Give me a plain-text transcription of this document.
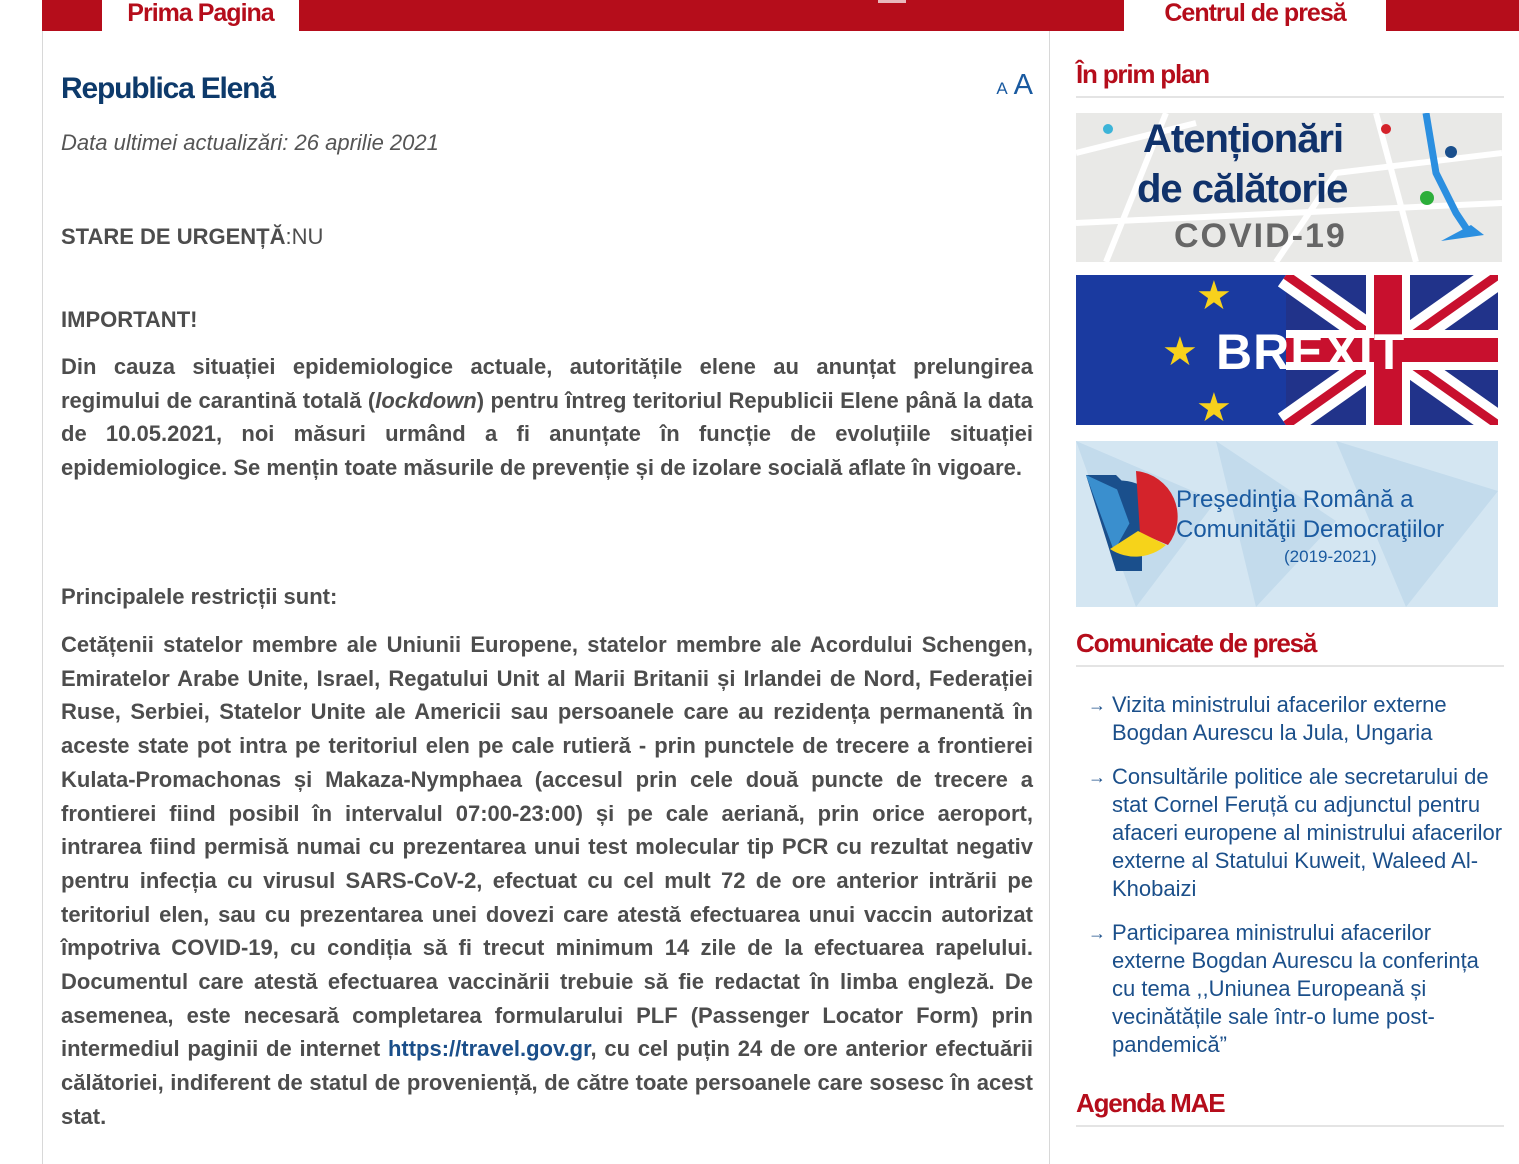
Prima Pagina	Centrul de presă
Republica Elenă	A A
Data ultimei actualizări: 26 aprilie 2021
STARE DE URGENȚĂ:NU
IMPORTANT!

Din cauza situației epidemiologice actuale, autoritățile elene au anunțat prelungirea regimului de carantină totală (lockdown) pentru întreg teritoriul Republicii Elene până la data de 10.05.2021, noi măsuri urmând a fi anunțate în funcție de evoluțiile situației epidemiologice. Se mențin toate măsurile de prevenție și de izolare socială aflate în vigoare.

Principalele restricții sunt:

Cetățenii statelor membre ale Uniunii Europene, statelor membre ale Acordului Schengen, Emiratelor Arabe Unite, Israel, Regatului Unit al Marii Britanii și Irlandei de Nord, Federației Ruse, Serbiei, Statelor Unite ale Americii sau persoanele care au rezidența permanentă în aceste state pot intra pe teritoriul elen pe cale rutieră - prin punctele de trecere a frontierei Kulata-Promachonas și Makaza-Nymphaea (accesul prin cele două puncte de trecere a frontierei fiind posibil în intervalul 07:00-23:00) și pe cale aeriană, prin orice aeroport, intrarea fiind permisă numai cu prezentarea unui test molecular tip PCR cu rezultat negativ pentru infecția cu virusul SARS-CoV-2, efectuat cu cel mult 72 de ore anterior intrării pe teritoriul elen, sau cu prezentarea unei dovezi care atestă efectuarea unui vaccin autorizat împotriva COVID-19, cu condiția să fi trecut minimum 14 zile de la efectuarea rapelului. Documentul care atestă efectuarea vaccinării trebuie să fie redactat în limba engleză. De asemenea, este necesară completarea formularului PLF (Passenger Locator Form) prin intermediul paginii de internet https://travel.gov.gr, cu cel puțin 24 de ore anterior efectuării călătoriei, indiferent de statul de proveniență, de către toate persoanele care sosesc în acest stat.

În prim plan
Atenționări
de călătorie
COVID-19
★
★
★
BREXIT
Preşedinţia Română a
Comunităţii Democraţiilor
(2019-2021)
Comunicate de presă
→ Vizita ministrului afacerilor externe Bogdan Aurescu la Jula, Ungaria
→ Consultările politice ale secretarului de stat Cornel Feruță cu adjunctul pentru afaceri europene al ministrului afacerilor externe al Statului Kuweit, Waleed Al-Khobaizi
→ Participarea ministrului afacerilor externe Bogdan Aurescu la conferința cu tema ,,Uniunea Europeană și vecinătățile sale într-o lume post-pandemică”
Agenda MAE
